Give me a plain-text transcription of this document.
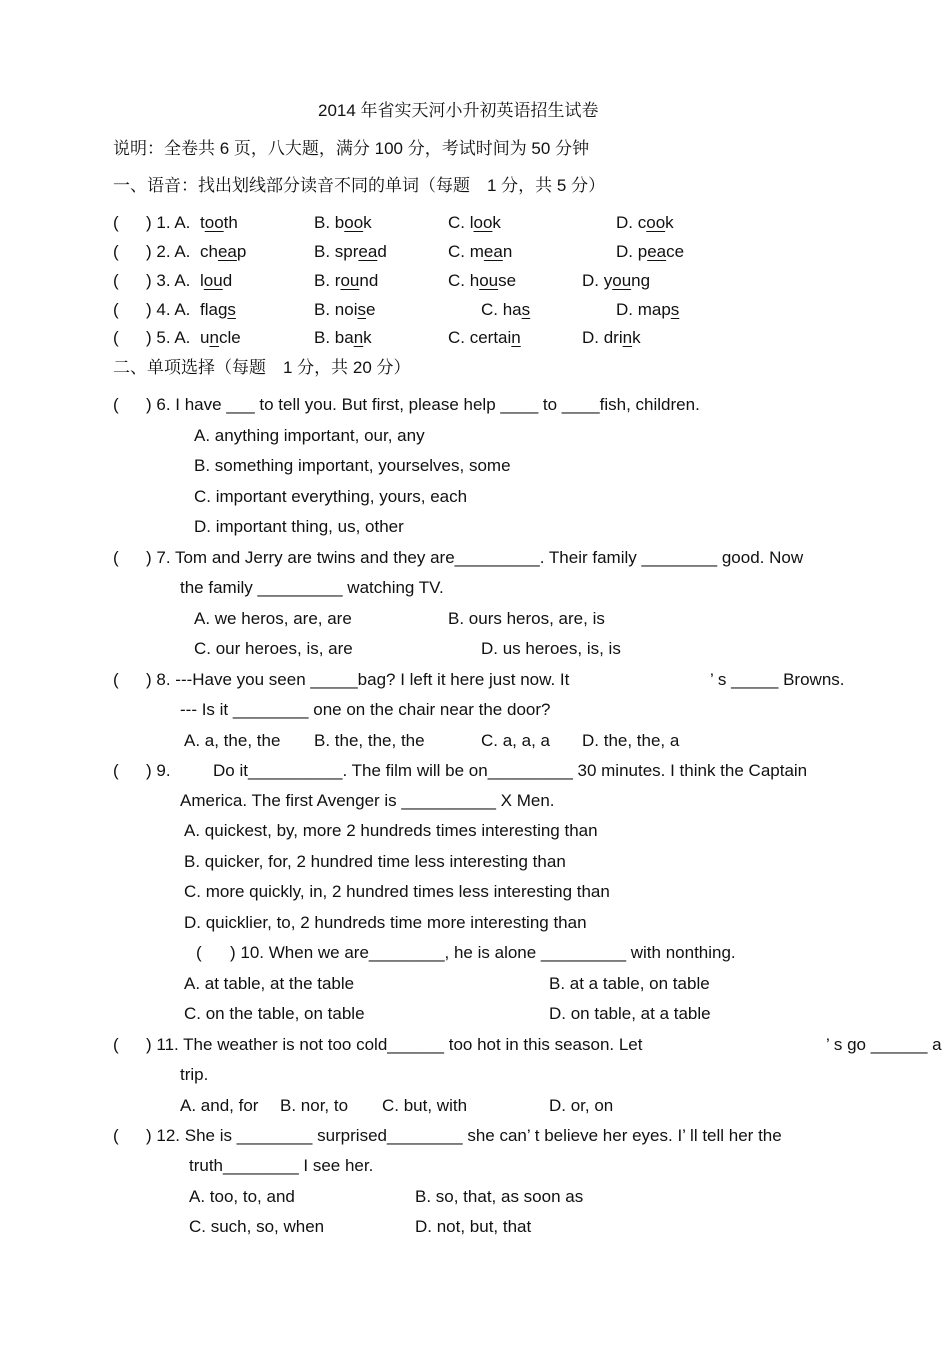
2014 年省实天河小升初英语招生试卷
说明：全卷共 6 页，八大题，满分 100 分，考试时间为 50 分钟
一、语音：找出划线部分读音不同的单词（每题　1 分，共 5 分）
( ) 1. A. tooth	B. book	C. look	D. cook
( ) 2. A. cheap	B. spread	C. mean	D. peace
( ) 3. A. loud	B. round	C. house	D. young
( ) 4. A. flags	B. noise	C. has	D. maps
( ) 5. A. uncle	B. bank	C. certain	D. drink
二、单项选择（每题　1 分，共 20 分）
( ) 6. I have ___ to tell you. But first, please help ____ to ____fish, children.
A. anything important, our, any
B. something important, yourselves, some
C. important everything, yours, each
D. important thing, us, other
( ) 7. Tom and Jerry are twins and they are_________. Their family ________ good. Now
the family _________ watching TV.
A. we heros, are, are	B. ours heros, are, is
C. our heroes, is, are	D. us heroes, is, is
( ) 8. ---Have you seen _____bag? I left it here just now. It	’ s _____ Browns.
--- Is it ________ one on the chair near the door?
A. a, the, the B. the, the, the	C. a, a, a D. the, the, a
( ) 9. Do it__________. The film will be on_________ 30 minutes. I think the Captain
America. The first Avenger is __________ X Men.
A. quickest, by, more 2 hundreds times interesting than
B. quicker, for, 2 hundred time less interesting than
C. more quickly, in, 2 hundred times less interesting than
D. quicklier, to, 2 hundreds time more interesting than
( ) 10. When we are________, he is alone _________ with nonthing.
A. at table, at the table	B. at a table, on table
C. on the table, on table	D. on table, at a table
( ) 11. The weather is not too cold______ too hot in this season. Let	’ s go ______ a
trip.
A. and, for B. nor, to C. but, with	D. or, on
( ) 12. She is ________ surprised________ she can’ t believe her eyes. I’ ll tell her the
truth________ I see her.
A. too, to, and	B. so, that, as soon as
C. such, so, when	D. not, but, that
